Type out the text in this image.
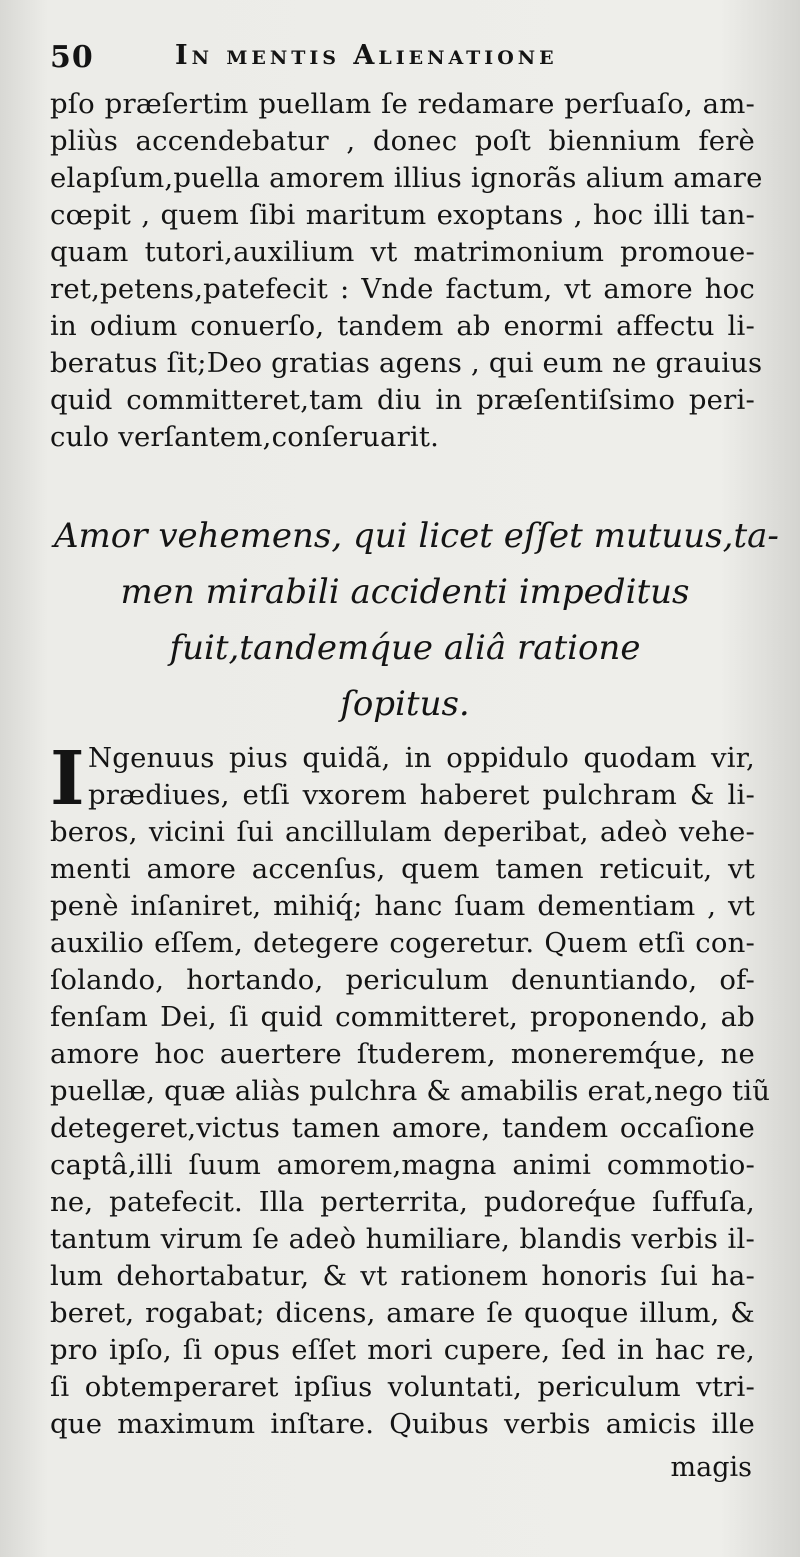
50	In mentis Alienatione
pſo præſertim puellam ſe redamare perſuaſo, am-
pliùs accendebatur , donec poſt biennium ferè
elapſum,puella amorem illius ignorãs alium amare
cœpit , quem ſibi maritum exoptans , hoc illi tan-
quam tutori,auxilium vt matrimonium promoue-
ret,petens,patefecit : Vnde factum, vt amore hoc
in odium conuerſo, tandem ab enormi affectu li-
beratus ſit;Deo gratias agens , qui eum ne grauius
quid committeret,tam diu in præſentiſsimo peri-
culo verſantem,conſeruarit.
Amor vehemens, qui licet eſſet mutuus,ta-
men mirabili accidenti impeditus
fuit,tandemq́ue aliâ ratione
ſopitus.
I Ngenuus pius quidã, in oppidulo quodam vir,
prædiues, etſi vxorem haberet pulchram & li-
beros, vicini ſui ancillulam deperibat, adeò vehe-
menti amore accenſus, quem tamen reticuit, vt
penè inſaniret, mihiq́; hanc ſuam dementiam , vt
auxilio eſſem, detegere cogeretur. Quem etſi con-
ſolando, hortando, periculum denuntiando, of-
fenſam Dei, ſi quid committeret, proponendo, ab
amore hoc auertere ſtuderem, moneremq́ue, ne
puellæ, quæ aliàs pulchra & amabilis erat,nego tiũ
detegeret,victus tamen amore, tandem occaſione
captâ,illi ſuum amorem,magna animi commotio-
ne, patefecit. Illa perterrita, pudoreq́ue ſuffuſa,
tantum virum ſe adeò humiliare, blandis verbis il-
lum dehortabatur, & vt rationem honoris ſui ha-
beret, rogabat; dicens, amare ſe quoque illum, &
pro ipſo, ſi opus eſſet mori cupere, ſed in hac re,
ſi obtemperaret ipſius voluntati, periculum vtri-
que maximum inſtare. Quibus verbis amicis ille
magis
